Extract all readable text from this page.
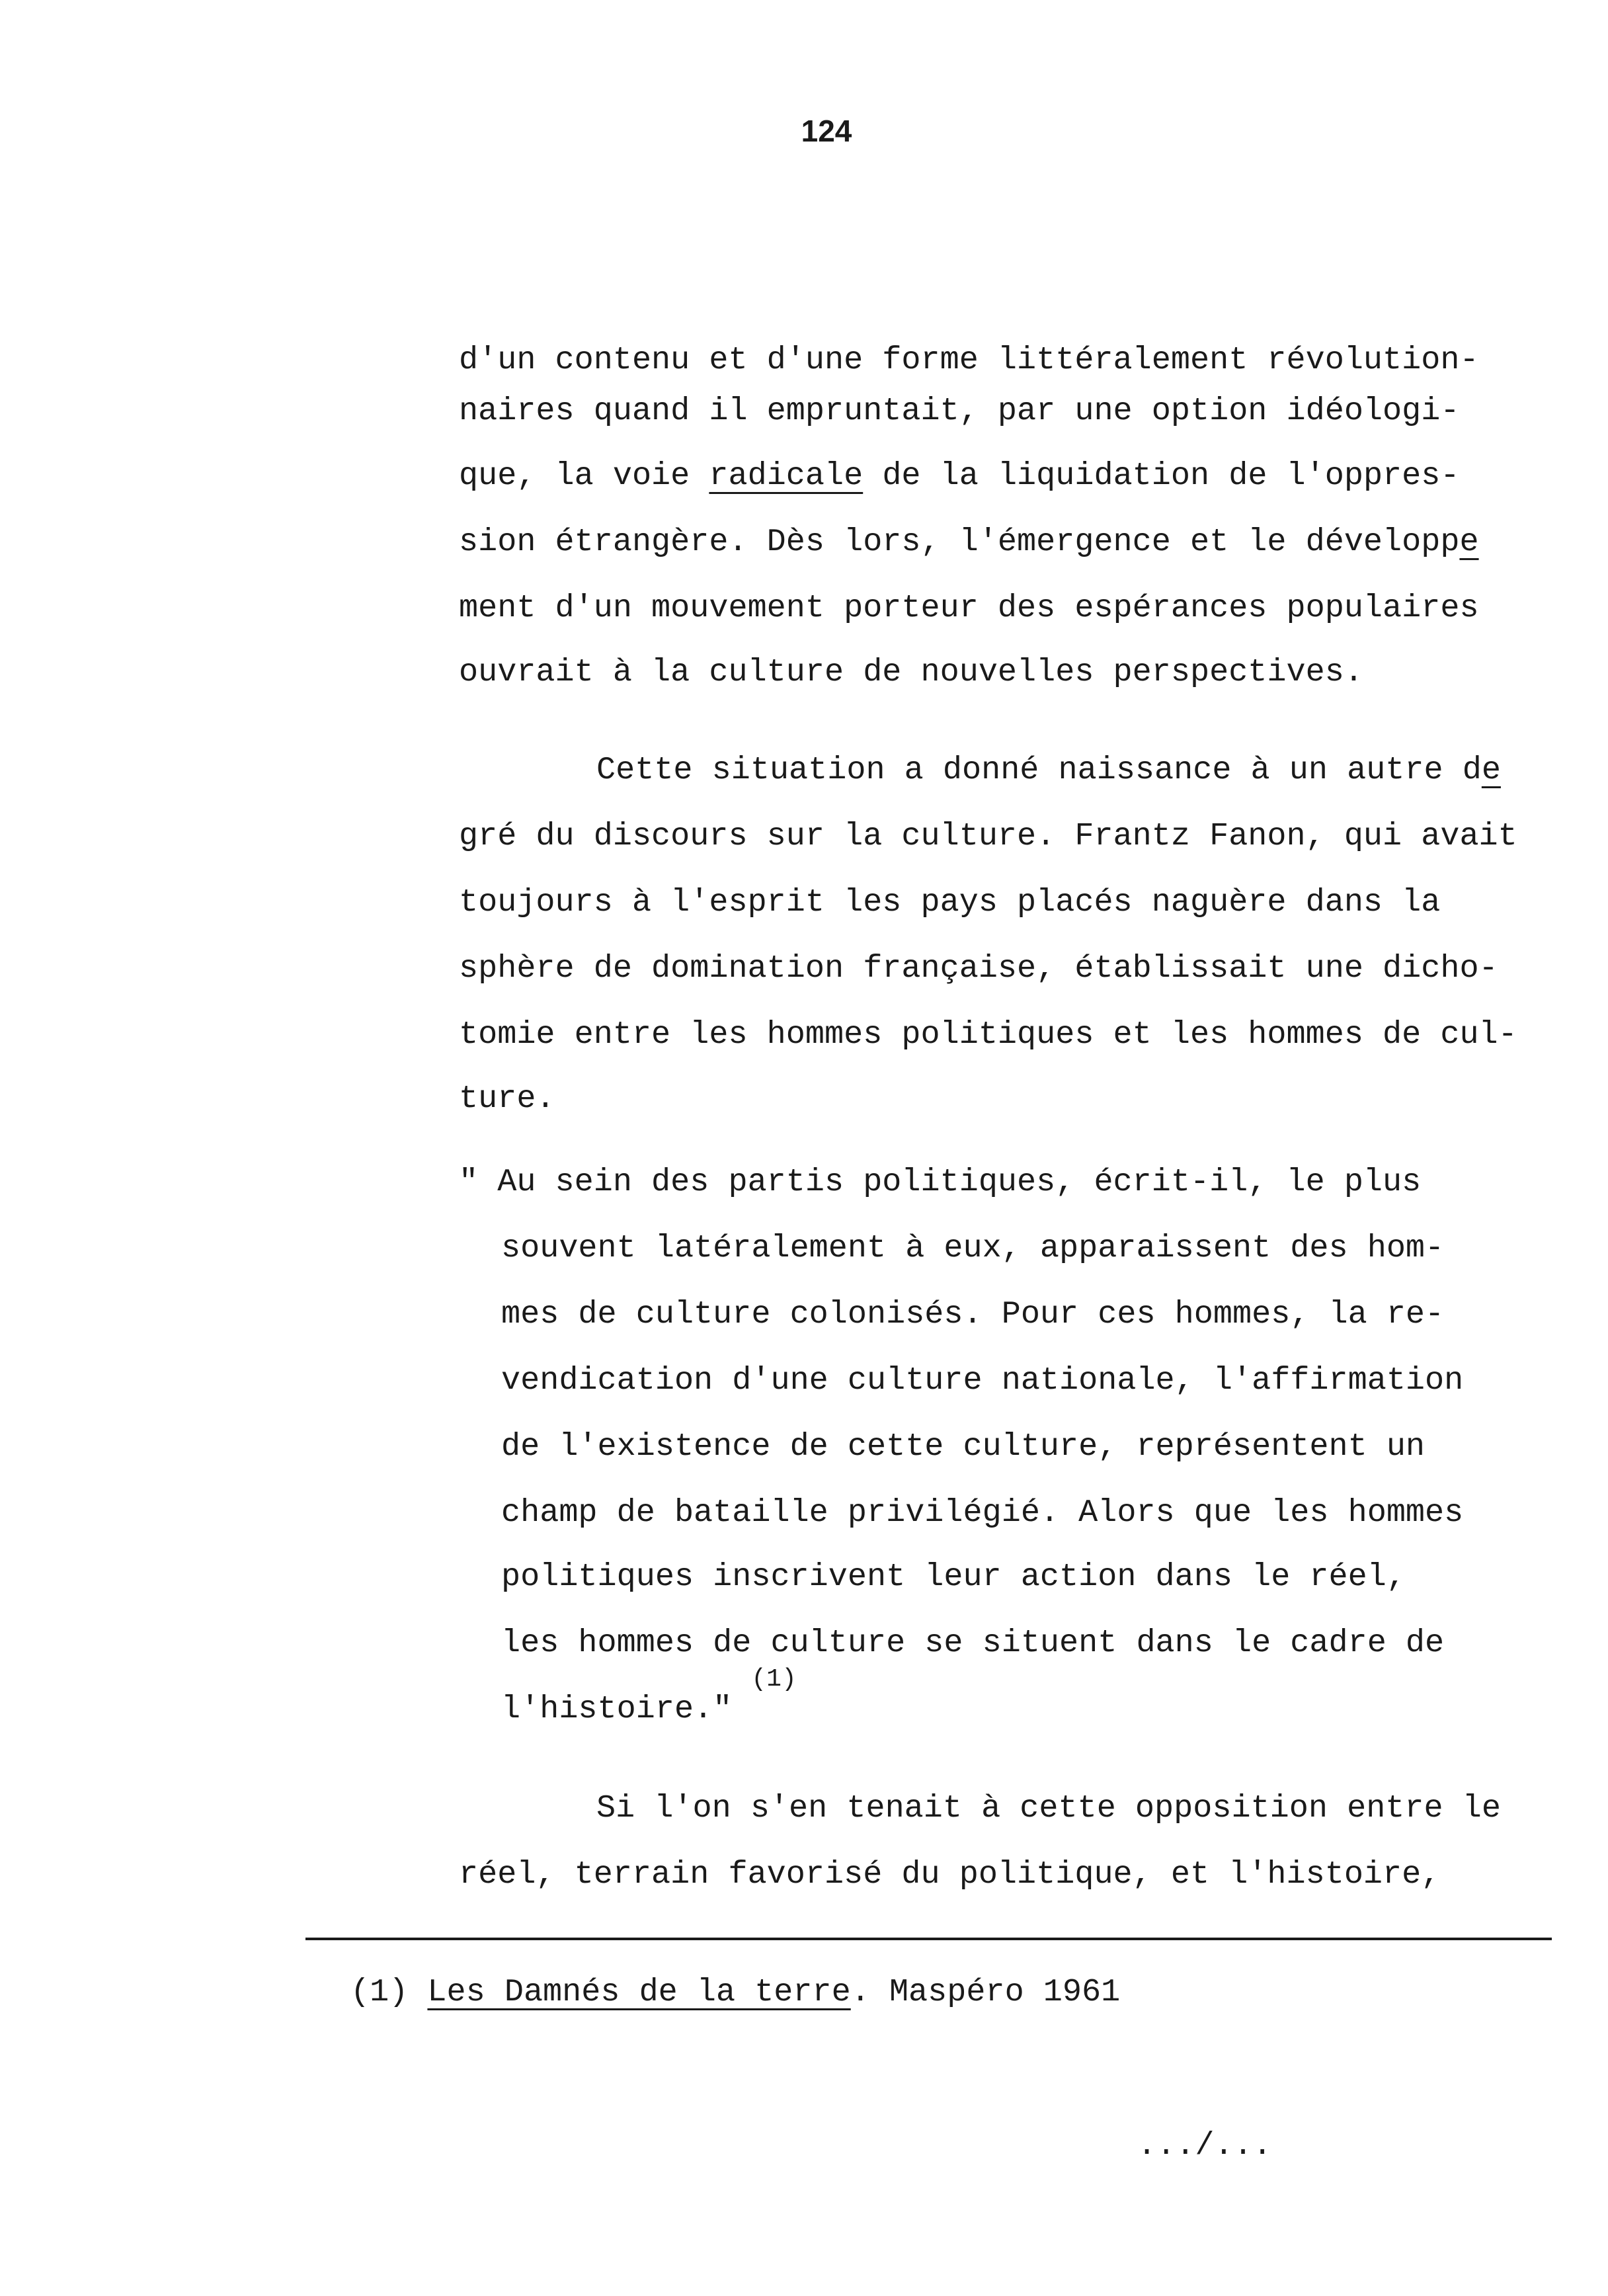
124
d'un contenu et d'une forme littéralement révolution-
naires quand il empruntait, par une option idéologi-
que, la voie radicale de la liquidation de l'oppres-
sion étrangère. Dès lors, l'émergence et le développe
ment d'un mouvement porteur des espérances populaires
ouvrait à la culture de nouvelles perspectives.
Cette situation a donné naissance à un autre de
gré du discours sur la culture. Frantz Fanon, qui avait
toujours à l'esprit les pays placés naguère dans la
sphère de domination française, établissait une dicho-
tomie entre les hommes politiques et les hommes de cul-
ture.
" Au sein des partis politiques, écrit-il, le plus
souvent latéralement à eux, apparaissent des hom-
mes de culture colonisés. Pour ces hommes, la re-
vendication d'une culture nationale, l'affirmation
de l'existence de cette culture, représentent un
champ de bataille privilégié. Alors que les hommes
politiques inscrivent leur action dans le réel,
les hommes de culture se situent dans le cadre de
l'histoire." $^{(1)}$
Si l'on s'en tenait à cette opposition entre le
réel, terrain favorisé du politique, et l'histoire,
(1) Les Damnés de la terre. Maspéro 1961
.../...
